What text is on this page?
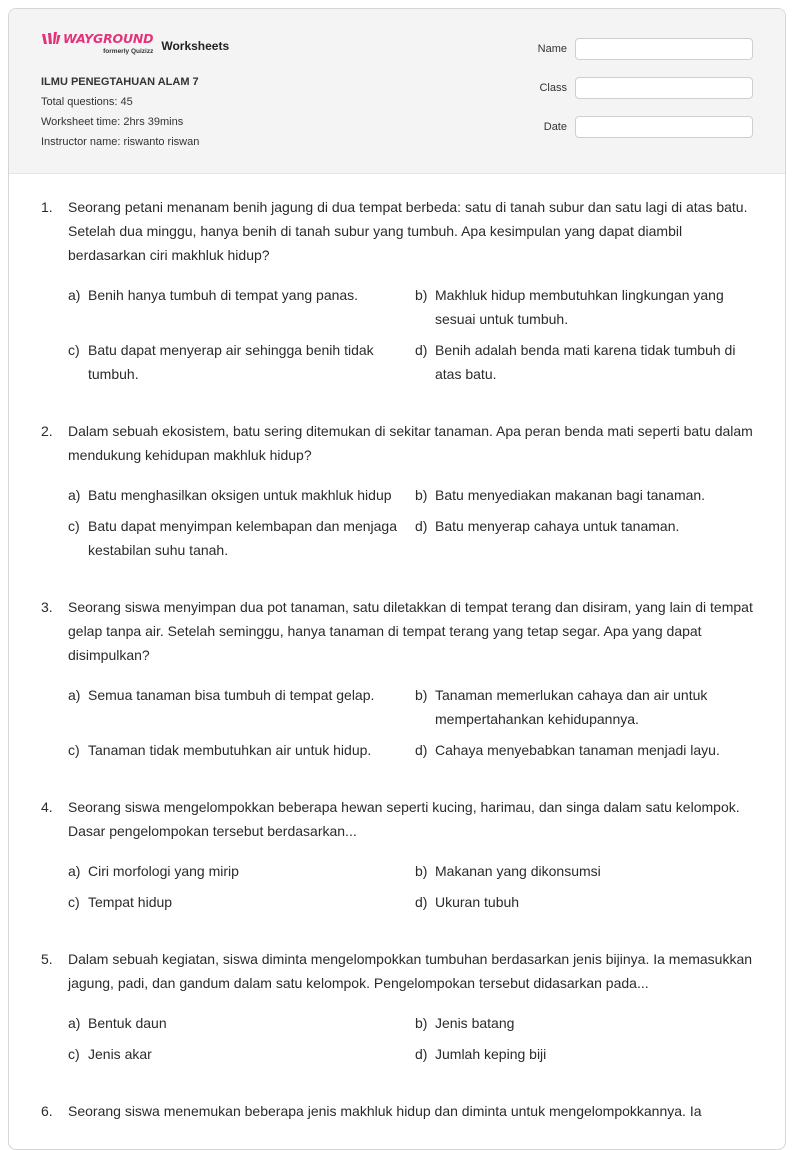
WAYGROUND
formerly Quizizz Worksheets
ILMU PENEGTAHUAN ALAM 7
Total questions: 45
Worksheet time: 2hrs 39mins
Instructor name: riswanto riswan
Name
Class
Date
1.	Seorang petani menanam benih jagung di dua tempat berbeda: satu di tanah subur dan satu lagi di atas batu. Setelah dua minggu, hanya benih di tanah subur yang tumbuh. Apa kesimpulan yang dapat diambil berdasarkan ciri makhluk hidup?
a) Benih hanya tumbuh di tempat yang panas.	b) Makhluk hidup membutuhkan lingkungan yang sesuai untuk tumbuh.
c) Batu dapat menyerap air sehingga benih tidak tumbuh.
d) Benih adalah benda mati karena tidak tumbuh di atas batu.
2.	Dalam sebuah ekosistem, batu sering ditemukan di sekitar tanaman. Apa peran benda mati seperti batu dalam mendukung kehidupan makhluk hidup?
a) Batu menghasilkan oksigen untuk makhluk hidup	b) Batu menyediakan makanan bagi tanaman.
c) Batu dapat menyimpan kelembapan dan menjaga kestabilan suhu tanah.
d) Batu menyerap cahaya untuk tanaman.
3.	Seorang siswa menyimpan dua pot tanaman, satu diletakkan di tempat terang dan disiram, yang lain di tempat gelap tanpa air. Setelah seminggu, hanya tanaman di tempat terang yang tetap segar. Apa yang dapat disimpulkan?
a) Semua tanaman bisa tumbuh di tempat gelap.	b) Tanaman memerlukan cahaya dan air untuk mempertahankan kehidupannya.
c) Tanaman tidak membutuhkan air untuk hidup.	d) Cahaya menyebabkan tanaman menjadi layu.
4.	Seorang siswa mengelompokkan beberapa hewan seperti kucing, harimau, dan singa dalam satu kelompok. Dasar pengelompokan tersebut berdasarkan...
a) Ciri morfologi yang mirip	b) Makanan yang dikonsumsi
c) Tempat hidup	d) Ukuran tubuh
5.	Dalam sebuah kegiatan, siswa diminta mengelompokkan tumbuhan berdasarkan jenis bijinya. Ia memasukkan jagung, padi, dan gandum dalam satu kelompok. Pengelompokan tersebut didasarkan pada...
a) Bentuk daun	b) Jenis batang
c) Jenis akar	d) Jumlah keping biji
6.	Seorang siswa menemukan beberapa jenis makhluk hidup dan diminta untuk mengelompokkannya. Ia
